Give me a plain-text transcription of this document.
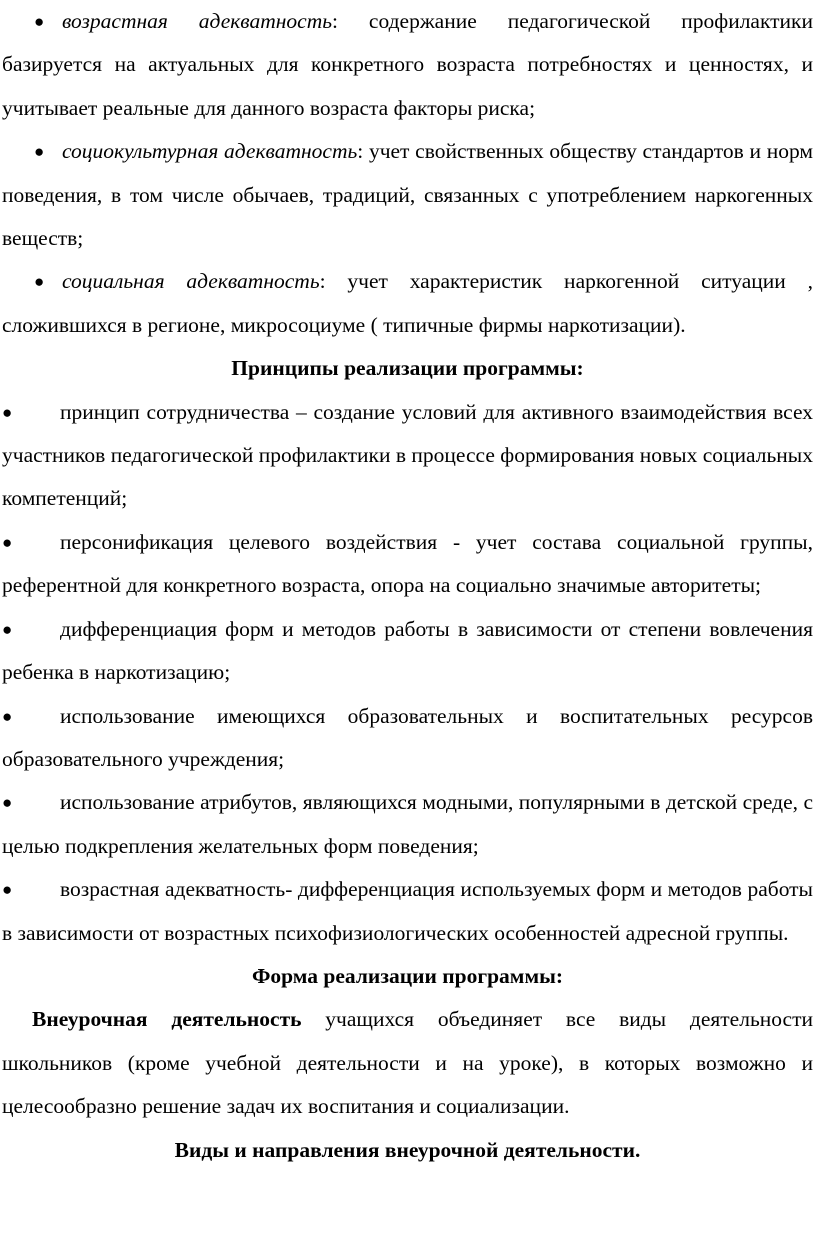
● возрастная адекватность: содержание педагогической профилактики базируется на актуальных для конкретного возраста потребностях и ценностях, и учитывает реальные для данного возраста факторы риска;

● социокультурная адекватность: учет свойственных обществу стандартов и норм поведения, в том числе обычаев, традиций, связанных с употреблением наркогенных веществ;

● социальная адекватность: учет характеристик наркогенной ситуации , сложившихся в регионе, микросоциуме ( типичные фирмы наркотизации).

Принципы реализации программы:

● принцип сотрудничества – создание условий для активного взаимодействия всех участников педагогической профилактики в процессе формирования новых социальных компетенций;

● персонификация целевого воздействия - учет состава социальной группы, референтной для конкретного возраста, опора на социально значимые авторитеты;

● дифференциация форм и методов работы в зависимости от степени вовлечения ребенка в наркотизацию;

● использование имеющихся образовательных и воспитательных ресурсов образовательного учреждения;

● использование атрибутов, являющихся модными, популярными в детской среде, с целью подкрепления желательных форм поведения;

● возрастная адекватность- дифференциация используемых форм и методов работы в зависимости от возрастных психофизиологических особенностей адресной группы.

Форма реализации программы:

Внеурочная деятельность учащихся объединяет все виды деятельности школьников (кроме учебной деятельности и на уроке), в которых возможно и целесообразно решение задач их воспитания и социализации.

Виды и направления внеурочной деятельности.
